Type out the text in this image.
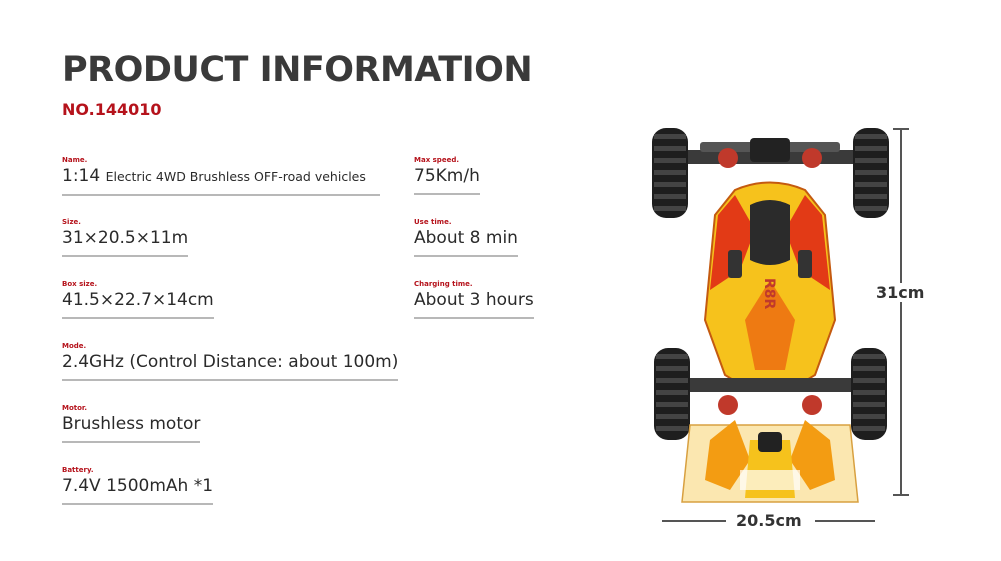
PRODUCT INFORMATION
NO.144010
Name.
1:14 Electric 4WD Brushless OFF-road vehicles
Size.
31×20.5×11m
Box size.
41.5×22.7×14cm
Mode.
2.4GHz (Control Distance: about 100m)
Motor.
Brushless motor
Battery.
7.4V 1500mAh *1
Max speed.
75Km/h
Use time.
About 8 min
Charging time.
About 3 hours	R8R	31cm
20.5cm
